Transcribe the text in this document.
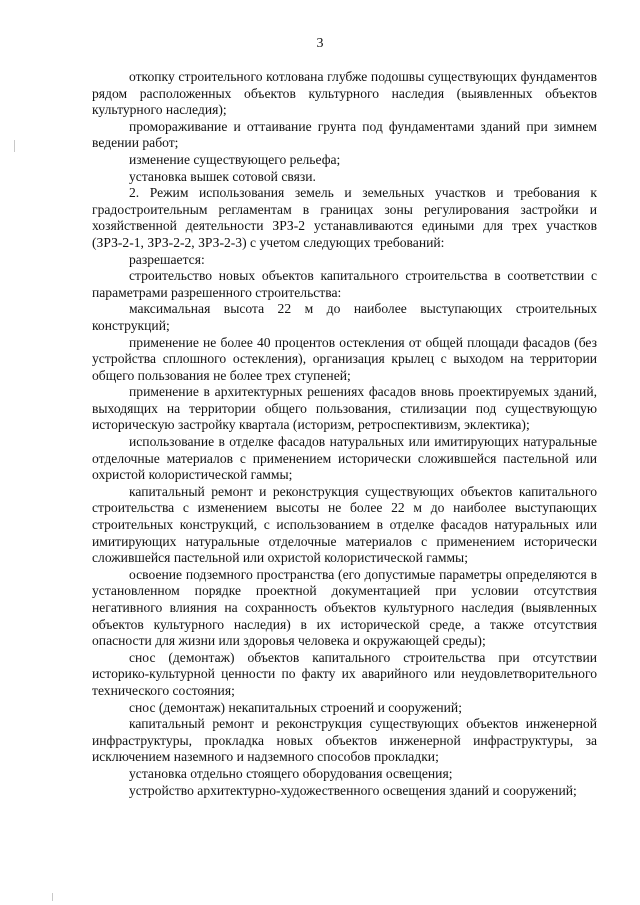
3

откопку строительного котлована глубже подошвы существующих фундаментов рядом расположенных объектов культурного наследия (выявленных объектов культурного наследия);

промораживание и оттаивание грунта под фундаментами зданий при зимнем ведении работ;

изменение существующего рельефа;

установка вышек сотовой связи.

2. Режим использования земель и земельных участков и требования к градостроительным регламентам в границах зоны регулирования застройки и хозяйственной деятельности ЗРЗ-2 устанавливаются едиными для трех участков (ЗРЗ-2-1, ЗРЗ-2-2, ЗРЗ-2-3) с учетом следующих требований:

разрешается:

строительство новых объектов капитального строительства в соответствии с параметрами разрешенного строительства:

максимальная высота 22 м до наиболее выступающих строительных конструкций;

применение не более 40 процентов остекления от общей площади фасадов (без устройства сплошного остекления), организация крылец с выходом на территории общего пользования не более трех ступеней;

применение в архитектурных решениях фасадов вновь проектируемых зданий, выходящих на территории общего пользования, стилизации под существующую историческую застройку квартала (историзм, ретроспективизм, эклектика);

использование в отделке фасадов натуральных или имитирующих натуральные отделочные материалов с применением исторически сложившейся пастельной или охристой колористической гаммы;

капитальный ремонт и реконструкция существующих объектов капитального строительства с изменением высоты не более 22 м до наиболее выступающих строительных конструкций, с использованием в отделке фасадов натуральных или имитирующих натуральные отделочные материалов с применением исторически сложившейся пастельной или охристой колористической гаммы;

освоение подземного пространства (его допустимые параметры определяются в установленном порядке проектной документацией при условии отсутствия негативного влияния на сохранность объектов культурного наследия (выявленных объектов культурного наследия) в их исторической среде, а также отсутствия опасности для жизни или здоровья человека и окружающей среды);

снос (демонтаж) объектов капитального строительства при отсутствии историко-культурной ценности по факту их аварийного или неудовлетворительного технического состояния;

снос (демонтаж) некапитальных строений и сооружений;

капитальный ремонт и реконструкция существующих объектов инженерной инфраструктуры, прокладка новых объектов инженерной инфраструктуры, за исключением наземного и надземного способов прокладки;

установка отдельно стоящего оборудования освещения;

устройство архитектурно-художественного освещения зданий и сооружений;
